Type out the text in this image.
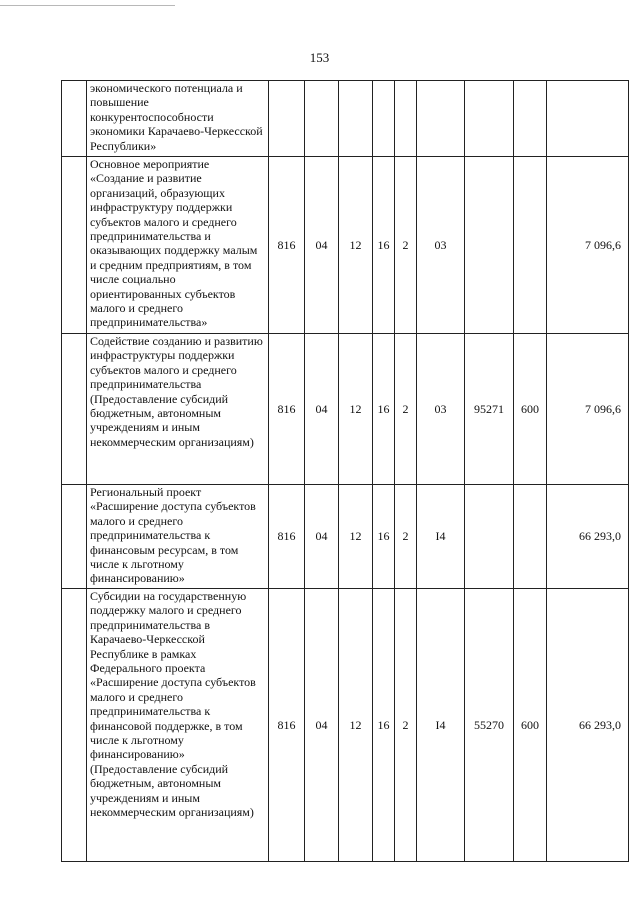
153
	экономического потенциала и повышение конкурентоспособности экономики Карачаево-Черкесской Республики»									
	Основное мероприятие «Создание и развитие организаций, образующих инфраструктуру поддержки субъектов малого и среднего предпринимательства и оказывающих поддержку малым и средним предприятиям, в том числе социально ориентированных субъектов малого и среднего предпринимательства»	816	04	12	16	2	03			7 096,6
	Содействие созданию и развитию инфраструктуры поддержки субъектов малого и среднего предпринимательства (Предоставление субсидий бюджетным, автономным учреждениям и иным некоммерческим организациям)	816	04	12	16	2	03	95271	600	7 096,6
	Региональный проект «Расширение доступа субъектов малого и среднего предпринимательства к финансовым ресурсам, в том числе к льготному финансированию»	816	04	12	16	2	I4			66 293,0
	Субсидии на государственную поддержку малого и среднего предпринимательства в Карачаево-Черкесской Республике в рамках Федерального проекта «Расширение доступа субъектов малого и среднего предпринимательства к финансовой поддержке, в том числе к льготному финансированию» (Предоставление субсидий бюджетным, автономным учреждениям и иным некоммерческим организациям)	816	04	12	16	2	I4	55270	600	66 293,0
